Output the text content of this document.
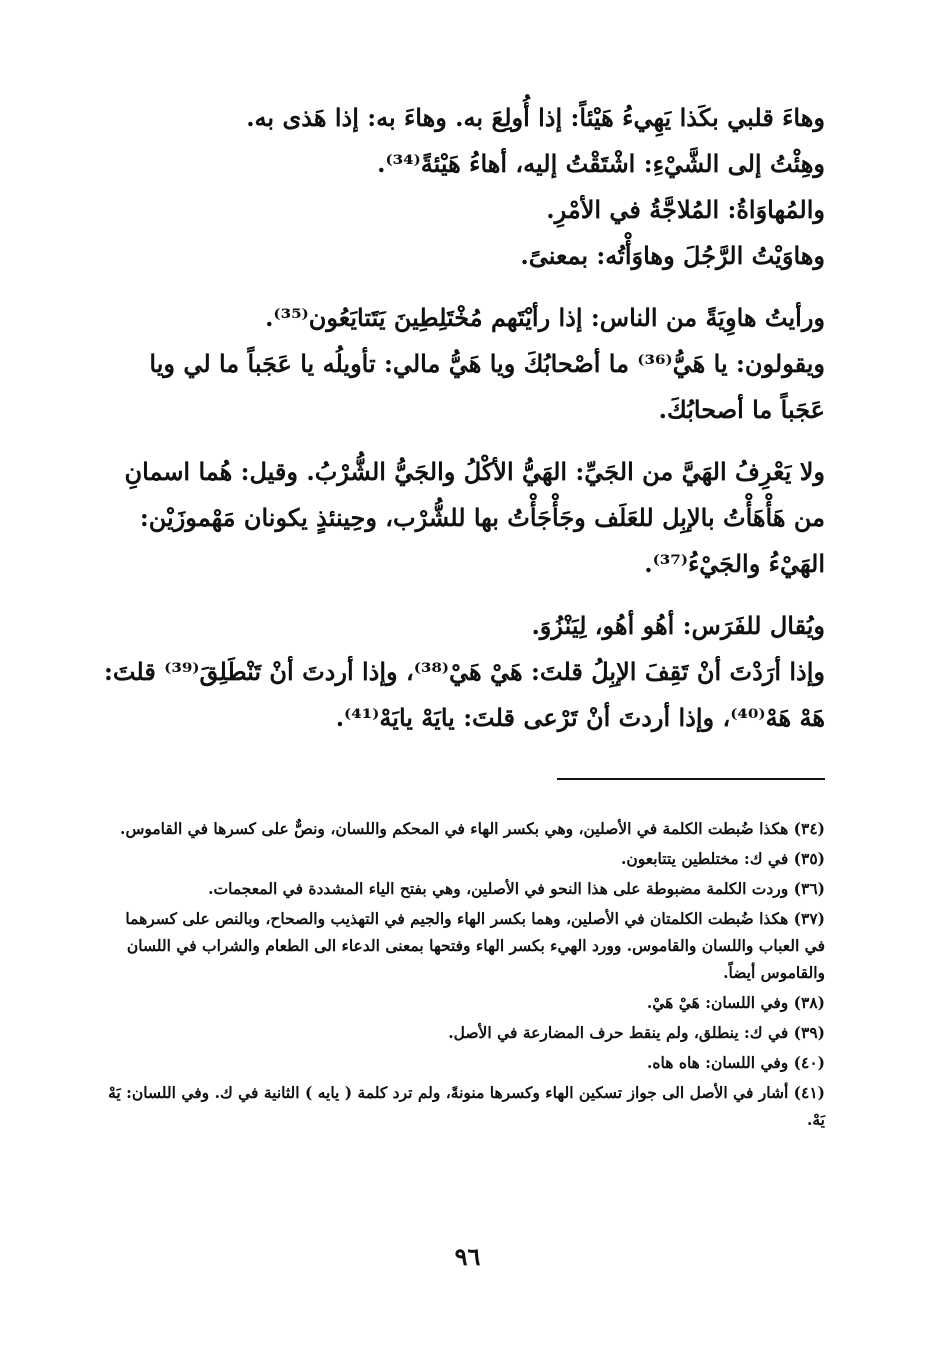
وهاءَ قلبي بكَذا يَهِيءُ هَيْئاً: إذا أُولِعَ به. وهاءَ به: إذا هَذى به.

وهِئْتُ إلى الشَّيْءِ: اشْتَقْتُ إليه، أهاءُ هَيْئةً⁽³⁴⁾.

والمُهاوَاةُ: المُلاجَّةُ في الأمْرِ.

وهاوَيْتُ الرَّجُلَ وهاوَأْتُه: بمعنىً.

ورأيتُ هاوِيَةً من الناس: إذا رأيْتَهم مُخْتَلِطِينَ يَتَتايَعُون⁽³⁵⁾.

ويقولون: يا هَيُّ⁽³⁶⁾ ما أصْحابُكَ ويا هَيُّ مالي: تأويلُه يا عَجَباً ما لي ويا عَجَباً ما أصحابُكَ.

ولا يَعْرِفُ الهَيَّ من الجَيِّ: الهَيُّ الأكْلُ والجَيُّ الشُّرْبُ. وقيل: هُما اسمانِ من هَأْهَأْتُ بالإبِل للعَلَف وجَأْجَأْتُ بها للشُّرْب، وحِينئذٍ يكونان مَهْموزَيْن: الهَيْءُ والجَيْءُ⁽³⁷⁾.

ويُقال للفَرَس: أهُو أهُو، لِيَنْزُوَ.

وإذا أرَدْتَ أنْ تَقِفَ الإبِلُ قلتَ: هَيْ هَيْ⁽³⁸⁾، وإذا أردتَ أنْ تَنْطَلِقَ⁽³⁹⁾ قلتَ: هَهْ هَهْ⁽⁴⁰⁾، وإذا أردتَ أنْ تَرْعى قلتَ: يايَهْ يايَهْ⁽⁴¹⁾.

(٣٤) هكذا ضُبطت الكلمة في الأصلين، وهي بكسر الهاء في المحكم واللسان، ونصٌّ على كسرها في القاموس.

(٣٥) في ك: مختلطين يتتابعون.

(٣٦) وردت الكلمة مضبوطة على هذا النحو في الأصلين، وهي بفتح الياء المشددة في المعجمات.

(٣٧) هكذا ضُبطت الكلمتان في الأصلين، وهما بكسر الهاء والجيم في التهذيب والصحاح، وبالنص على كسرهما في العباب واللسان والقاموس. وورد الهيء بكسر الهاء وفتحها بمعنى الدعاء الى الطعام والشراب في اللسان والقاموس أيضاً.

(٣٨) وفي اللسان: هَيْ هَيْ.

(٣٩) في ك: ينطلق، ولم ينقط حرف المضارعة في الأصل.

(٤٠) وفي اللسان: هاه هاه.

(٤١) أشار في الأصل الى جواز تسكين الهاء وكسرها منونةً، ولم ترد كلمة ( يايه ) الثانية في ك. وفي اللسان: يَهْ يَهْ.

٩٦
